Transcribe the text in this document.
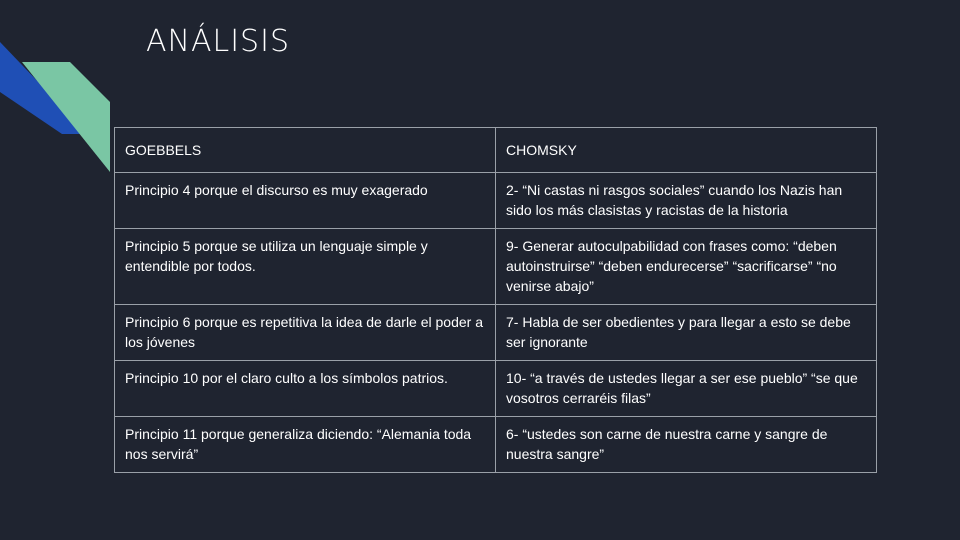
ANÁLISIS
GOEBBELS	CHOMSKY
Principio 4 porque el discurso es muy exagerado	2- “Ni castas ni rasgos sociales” cuando los Nazis han sido los más clasistas y racistas de la historia
Principio 5 porque se utiliza un lenguaje simple y entendible por todos.	9- Generar autoculpabilidad con frases como: “deben autoinstruirse” “deben endurecerse” “sacrificarse” “no venirse abajo”
Principio 6 porque es repetitiva la idea de darle el poder a los jóvenes	7- Habla de ser obedientes y para llegar a esto se debe ser ignorante
Principio 10 por el claro culto a los símbolos patrios.	10- “a través de ustedes llegar a ser ese pueblo” “se que vosotros cerraréis filas”
Principio 11 porque generaliza diciendo: “Alemania toda nos servirá”	6- “ustedes son carne de nuestra carne y sangre de nuestra sangre”
